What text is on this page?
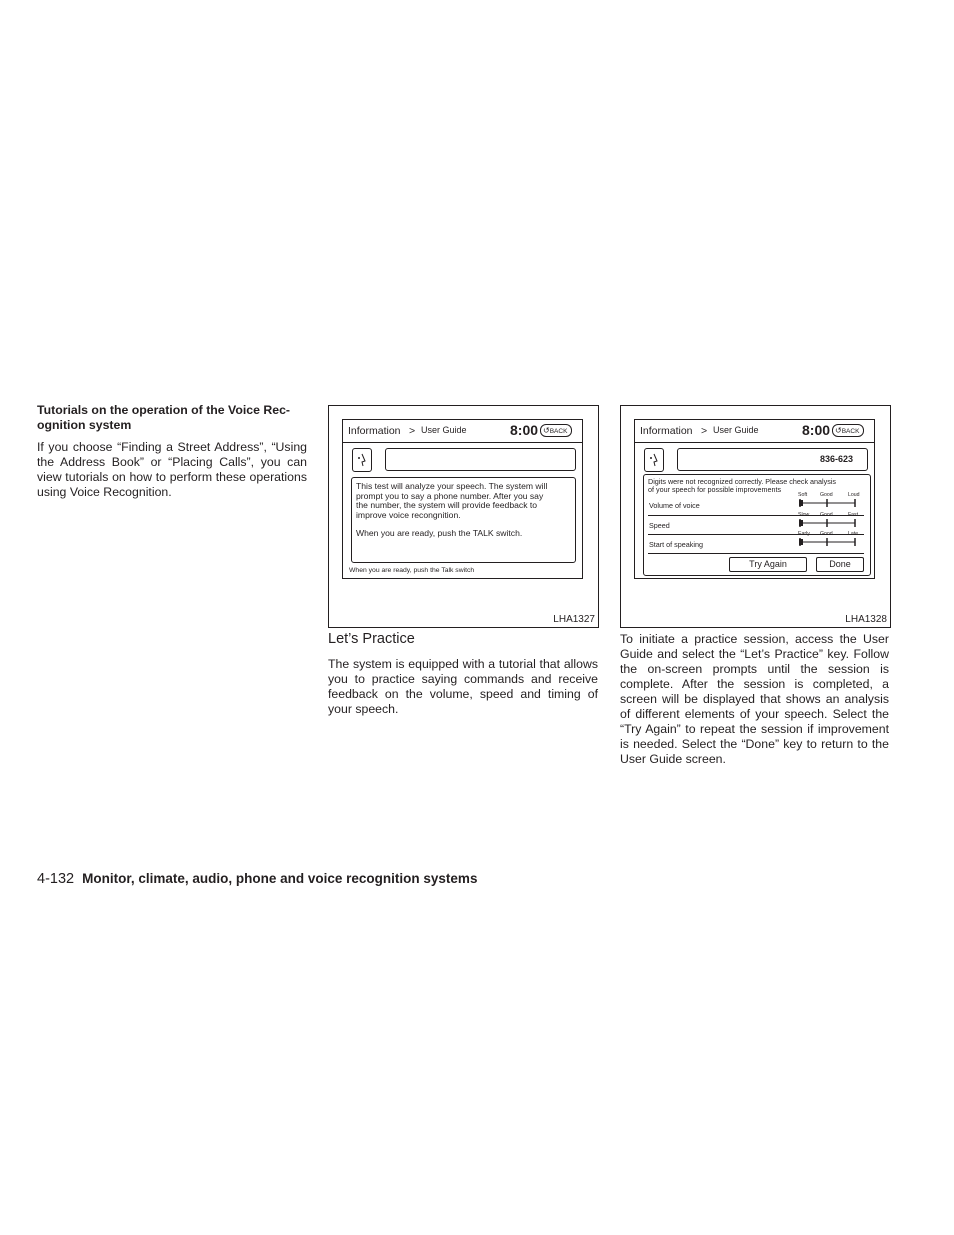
Tutorials on the operation of the Voice Rec-
ognition system
If you choose “Finding a Street Address”, “Using the Address Book” or “Placing Calls”, you can view tutorials on how to perform these operations using Voice Recognition.
Information > User Guide	8:00 ↺BACK
This test will analyze your speech. The system will
prompt you to say a phone number. After you say
the number, the system will provide feedback to
improve voice recongnition.
When you are ready, push the TALK switch.
When you are ready, push the Talk switch
LHA1327
Information > User Guide	8:00 ↺BACK
836-623
Digits were not recognized correctly. Please check analysis
of your speech for possible improvements
Volume of voice
Soft Good	Loud
Speed
Slow Good	Fast
Start of speaking
Early Good	Late
Try Again	Done
LHA1328
Let’s Practice
The system is equipped with a tutorial that allows you to practice saying commands and receive feedback on the volume, speed and timing of your speech.
To initiate a practice session, access the User Guide and select the “Let’s Practice” key. Follow the on-screen prompts until the session is complete. After the session is completed, a screen will be displayed that shows an analysis of different elements of your speech. Select the “Try Again” to repeat the session if improvement is needed. Select the “Done” key to return to the User Guide screen.
4-132 Monitor, climate, audio, phone and voice recognition systems
